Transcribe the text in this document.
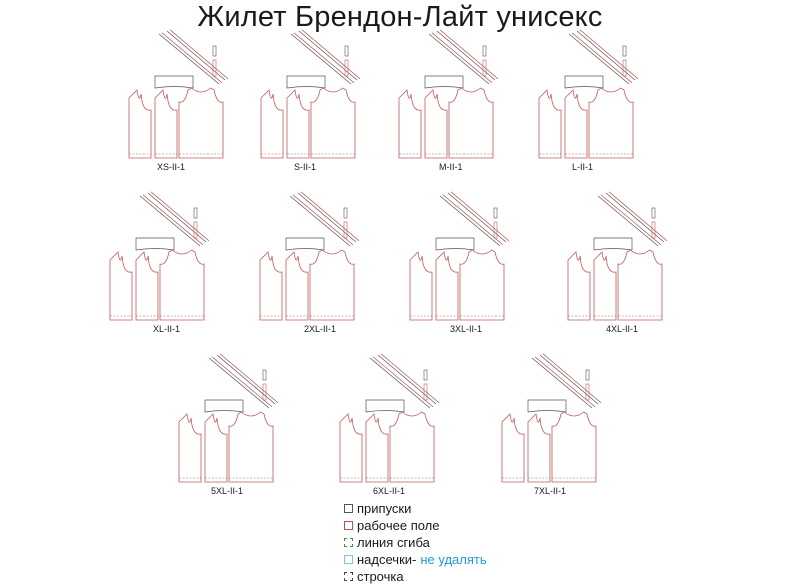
Жилет Брендон-Лайт унисекс
XS-II-1	S-II-1	M-II-1	L-II-1
XL-II-1	2XL-II-1	3XL-II-1	4XL-II-1
5XL-II-1	6XL-II-1	7XL-II-1
припуски
рабочее поле
линия сгиба
надсечки- не удалять
строчка
